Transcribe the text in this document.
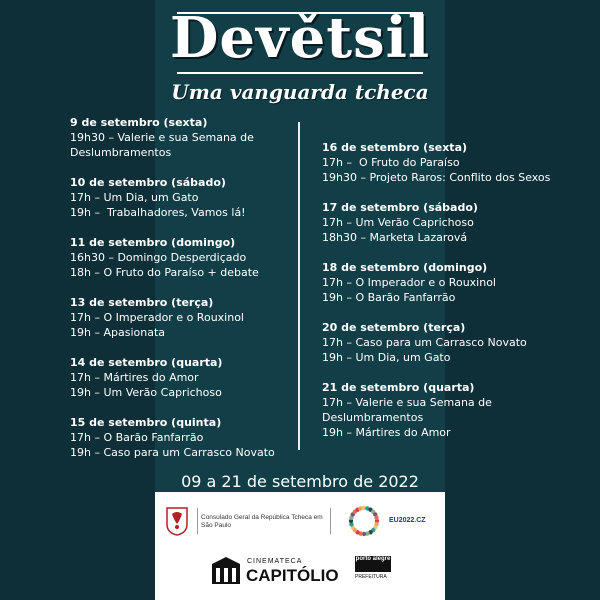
Devětsil
Uma vanguarda tcheca
9 de setembro (sexta)
19h30 – Valerie e sua Semana de
Deslumbramentos
10 de setembro (sábado)
17h – Um Dia, um Gato
19h –  Trabalhadores, Vamos lá!
11 de setembro (domingo)
16h30 – Domingo Desperdiçado
18h – O Fruto do Paraíso + debate
13 de setembro (terça)
17h – O Imperador e o Rouxinol
19h – Apasionata
14 de setembro (quarta)
17h – Mártires do Amor
19h – Um Verão Caprichoso
15 de setembro (quinta)
17h – O Barão Fanfarrão
19h – Caso para um Carrasco Novato
16 de setembro (sexta)
17h –  O Fruto do Paraíso
19h30 – Projeto Raros: Conflito dos Sexos
17 de setembro (sábado)
17h – Um Verão Caprichoso
18h30 – Marketa Lazarová
18 de setembro (domingo)
17h – O Imperador e o Rouxinol
19h – O Barão Fanfarrão
20 de setembro (terça)
17h – Caso para um Carrasco Novato
19h – Um Dia, um Gato
21 de setembro (quarta)
17h – Valerie e sua Semana de
Deslumbramentos
19h – Mártires do Amor
09 a 21 de setembro de 2022
Consulado Geral da República Tcheca em São Paulo
EU2022.CZ
CINEMATECA
CAPITÓLIO
porto alegre
PREFEITURA
